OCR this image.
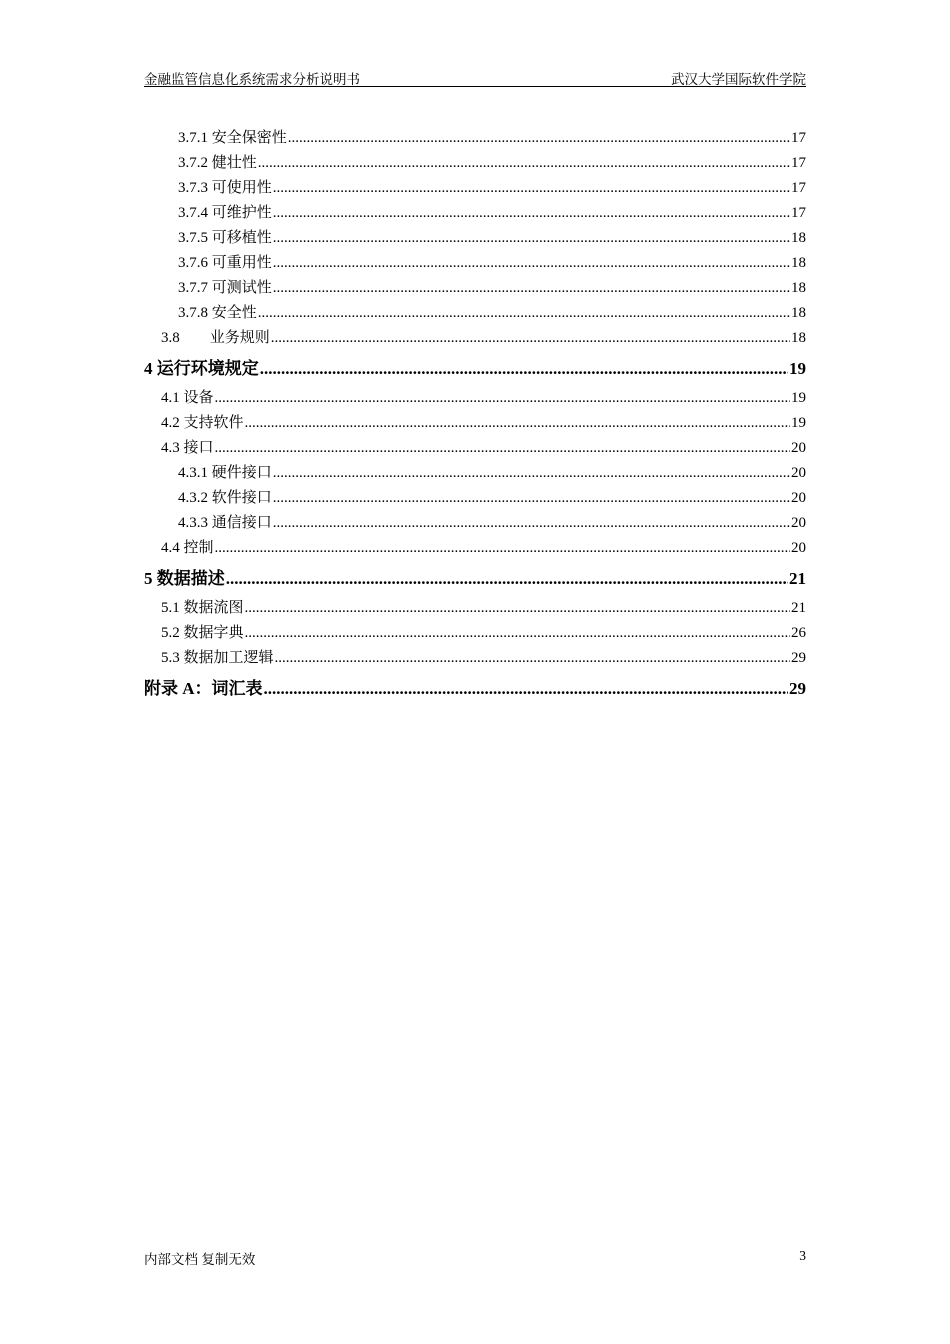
金融监管信息化系统需求分析说明书	武汉大学国际软件学院
3.7.1 安全保密性 .....	17
3.7.2 健壮性 .....	17
3.7.3 可使用性 .....	17
3.7.4 可维护性 .....	17
3.7.5 可移植性 .....	18
3.7.6 可重用性 .....	18
3.7.7 可测试性 .....	18
3.7.8 安全性 .....	18
3.8 业务规则 .....	18
4 运行环境规定 .....	19
4.1 设备 .....	19
4.2 支持软件 .....	19
4.3 接口 .....	20
4.3.1 硬件接口 .....	20
4.3.2 软件接口 .....	20
4.3.3 通信接口 .....	20
4.4 控制 .....	20
5 数据描述 .....	21
5.1 数据流图 .....	21
5.2 数据字典 .....	26
5.3 数据加工逻辑 .....	29
附录 A：词汇表 .....	29
内部文档 复制无效	3
